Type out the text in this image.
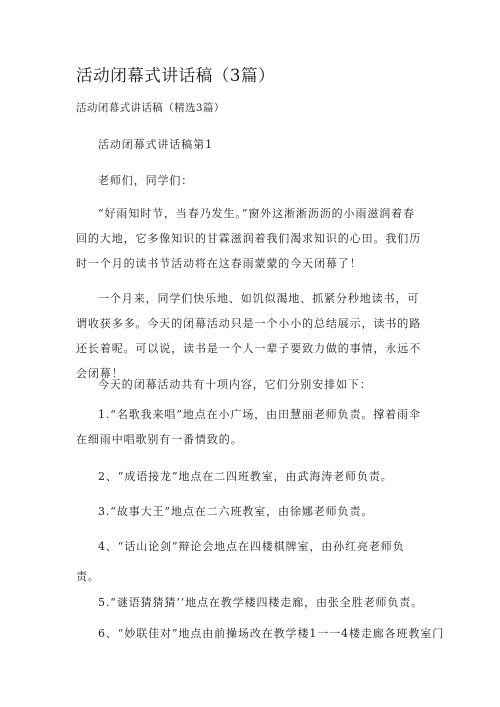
活动闭幕式讲话稿（3篇）
活动闭幕式讲话稿（精选3篇）
活动闭幕式讲话稿第1
老师们，同学们：
“好雨知时节，当春乃发生。”窗外这淅淅沥沥的小雨滋润着春回的大地，它多像知识的甘霖滋润着我们渴求知识的心田。我们历时一个月的读书节活动将在这春雨蒙蒙的今天闭幕了！
一个月来，同学们快乐地、如饥似渴地、抓紧分秒地读书，可谓收获多多。今天的闭幕活动只是一个小小的总结展示，读书的路还长着呢。可以说，读书是一个人一辈子要致力做的事情，永远不会闭幕！
今天的闭幕活动共有十项内容，它们分别安排如下：
1.“名歌我来唱”地点在小广场，由田慧丽老师负责。撑着雨伞在细雨中唱歌别有一番情致的。
2、“成语接龙”地点在二四班教室，由武海涛老师负责。
3.“故事大王”地点在二六班教室，由徐娜老师负责。
4、“话山论剑”辩论会地点在四楼棋牌室，由孙红亮老师负
责。
5.“谜语猜猜猜’’地点在教学楼四楼走廊，由张全胜老师负责。
6、“妙联佳对”地点由前操场改在教学楼1一一4楼走廊各班教室门
